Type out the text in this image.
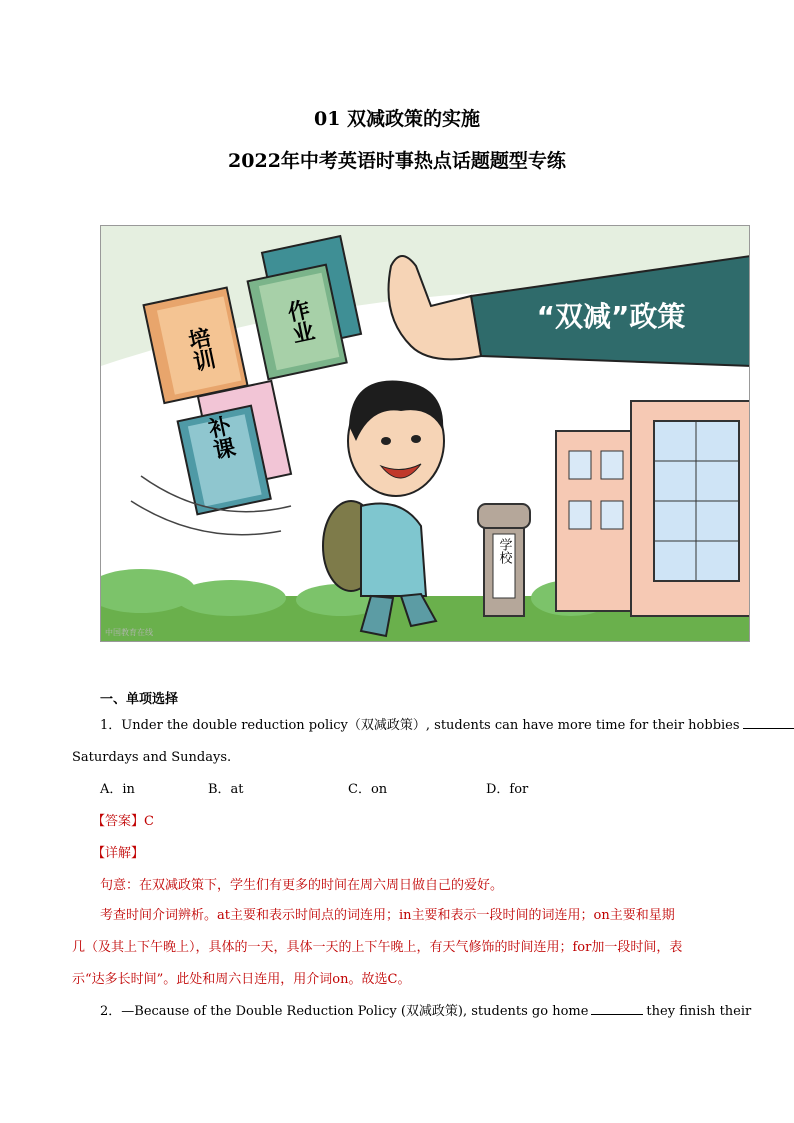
01 双减政策的实施
2022年中考英语时事热点话题题型专练
学校
“双减”政策
培训
作业
补课
中国教育在线
一、单项选择
1．Under the double reduction policy（双减政策）, students can have more time for their hobbies
Saturdays and Sundays.
A．in	B．at	C．on	D．for
【答案】C
【详解】
句意：在双减政策下，学生们有更多的时间在周六周日做自己的爱好。
考查时间介词辨析。at主要和表示时间点的词连用；in主要和表示一段时间的词连用；on主要和星期
几（及其上下午晚上），具体的一天，具体一天的上下午晚上，有天气修饰的时间连用；for加一段时间，表
示“达多长时间”。此处和周六日连用，用介词on。故选C。
2．—Because of the Double Reduction Policy (双减政策), students go home	they finish their
